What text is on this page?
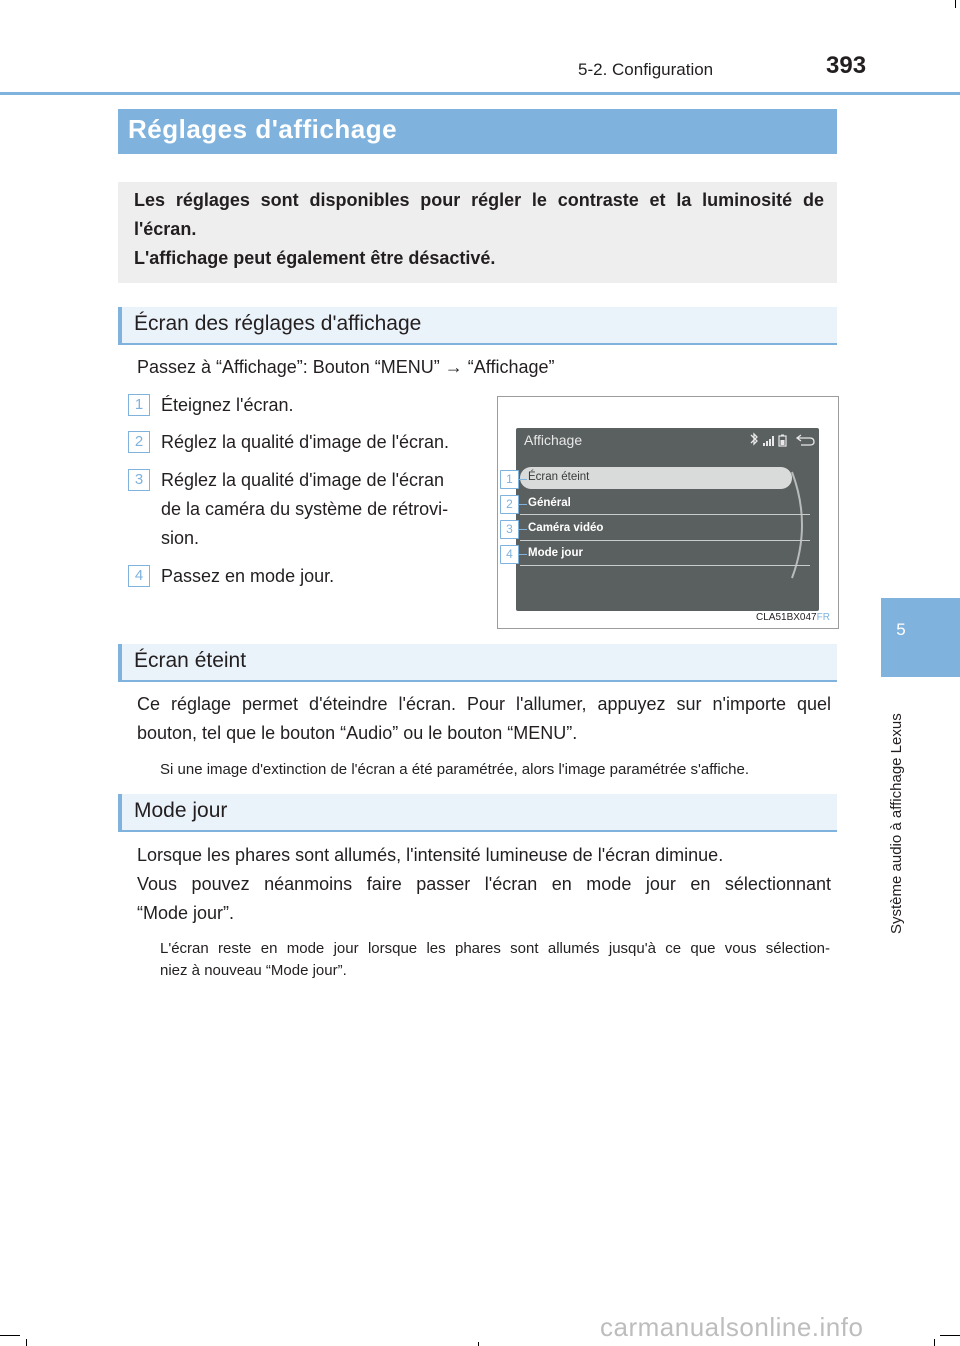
5-2. Configuration	393
5
Système audio à affichage Lexus
Réglages d'affichage
Les réglages sont disponibles pour régler le contraste et la luminosité de
l'écran.
L'affichage peut également être désactivé.
Écran des réglages d'affichage
Passez à “Affichage”: Bouton “MENU” → “Affichage”
1 Éteignez l'écran.
2 Réglez la qualité d'image de l'écran.
3 Réglez la qualité d'image de l'écran
de la caméra du système de rétrovi-
sion.
4 Passez en mode jour.
Affichage
Écran éteint
Général
Caméra vidéo
Mode jour
1
2
3
4
CLA51BX047FR
Écran éteint
Ce réglage permet d'éteindre l'écran. Pour l'allumer, appuyez sur n'importe quel
bouton, tel que le bouton “Audio” ou le bouton “MENU”.
Si une image d'extinction de l'écran a été paramétrée, alors l'image paramétrée s'affiche.
Mode jour
Lorsque les phares sont allumés, l'intensité lumineuse de l'écran diminue.
Vous pouvez néanmoins faire passer l'écran en mode jour en sélectionnant
“Mode jour”.
L'écran reste en mode jour lorsque les phares sont allumés jusqu'à ce que vous sélection-
niez à nouveau “Mode jour”.
carmanualsonline.info
